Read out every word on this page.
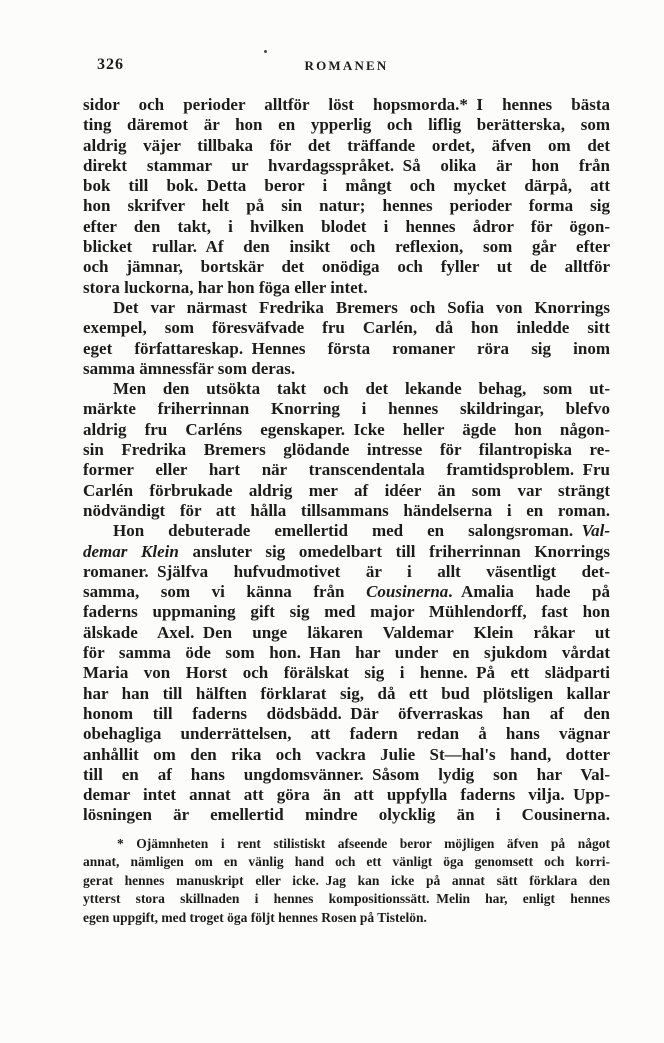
326	ROMANEN
sidor och perioder alltför löst hopsmorda.* I hennes bästa
ting däremot är hon en ypperlig och liflig berätterska, som
aldrig väjer tillbaka för det träffande ordet, äfven om det
direkt stammar ur hvardagsspråket. Så olika är hon från
bok till bok. Detta beror i mångt och mycket därpå, att
hon skrifver helt på sin natur; hennes perioder forma sig
efter den takt, i hvilken blodet i hennes ådror för ögon-
blicket rullar. Af den insikt och reflexion, som går efter
och jämnar, bortskär det onödiga och fyller ut de alltför
stora luckorna, har hon föga eller intet.
Det var närmast Fredrika Bremers och Sofia von Knorrings
exempel, som föresväfvade fru Carlén, då hon inledde sitt
eget författareskap. Hennes första romaner röra sig inom
samma ämnessfär som deras.
Men den utsökta takt och det lekande behag, som ut-
märkte friherrinnan Knorring i hennes skildringar, blefvo
aldrig fru Carléns egenskaper. Icke heller ägde hon någon-
sin Fredrika Bremers glödande intresse för filantropiska re-
former eller hart när transcendentala framtidsproblem. Fru
Carlén förbrukade aldrig mer af idéer än som var strängt
nödvändigt för att hålla tillsammans händelserna i en roman.
Hon debuterade emellertid med en salongsroman. Val-
demar Klein ansluter sig omedelbart till friherrinnan Knorrings
romaner. Själfva hufvudmotivet är i allt väsentligt det-
samma, som vi känna från Cousinerna. Amalia hade på
faderns uppmaning gift sig med major Mühlendorff, fast hon
älskade Axel. Den unge läkaren Valdemar Klein råkar ut
för samma öde som hon. Han har under en sjukdom vårdat
Maria von Horst och förälskat sig i henne. På ett slädparti
har han till hälften förklarat sig, då ett bud plötsligen kallar
honom till faderns dödsbädd. Där öfverraskas han af den
obehagliga underrättelsen, att fadern redan å hans vägnar
anhållit om den rika och vackra Julie St—hal's hand, dotter
till en af hans ungdomsvänner. Såsom lydig son har Val-
demar intet annat att göra än att uppfylla faderns vilja. Upp-
lösningen är emellertid mindre olycklig än i Cousinerna.
* Ojämnheten i rent stilistiskt afseende beror möjligen äfven på något
annat, nämligen om en vänlig hand och ett vänligt öga genomsett och korri-
gerat hennes manuskript eller icke. Jag kan icke på annat sätt förklara den
ytterst stora skillnaden i hennes kompositionssätt. Melin har, enligt hennes
egen uppgift, med troget öga följt hennes Rosen på Tistelön.
